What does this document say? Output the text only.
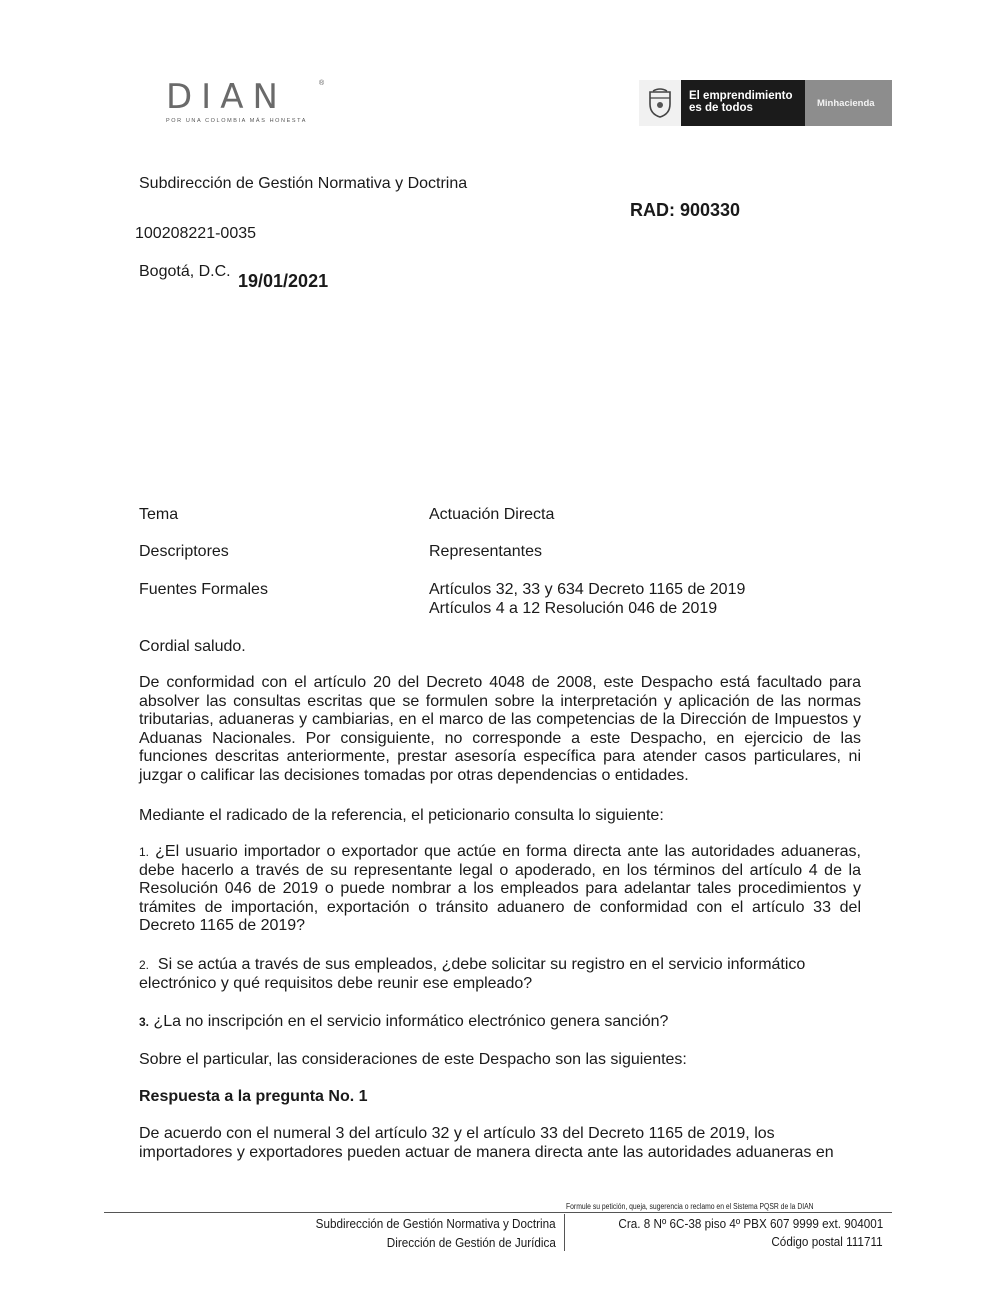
DIAN	®
POR UNA COLOMBIA MÁS HONESTA
El emprendimiento es de todos	Minhacienda
Subdirección de Gestión Normativa y Doctrina
RAD: 900330
100208221-0035
Bogotá, D.C. 19/01/2021
Tema	Actuación Directa
Descriptores	Representantes
Fuentes Formales	Artículos 32, 33 y 634 Decreto 1165 de 2019
Artículos 4 a 12 Resolución 046 de 2019
Cordial saludo.

De conformidad con el artículo 20 del Decreto 4048 de 2008, este Despacho está facultado para absolver las consultas escritas que se formulen sobre la interpretación y aplicación de las normas tributarias, aduaneras y cambiarias, en el marco de las competencias de la Dirección de Impuestos y Aduanas Nacionales. Por consiguiente, no corresponde a este Despacho, en ejercicio de las funciones descritas anteriormente, prestar asesoría específica para atender casos particulares, ni juzgar o calificar las decisiones tomadas por otras dependencias o entidades.

Mediante el radicado de la referencia, el peticionario consulta lo siguiente:

1. ¿El usuario importador o exportador que actúe en forma directa ante las autoridades aduaneras, debe hacerlo a través de su representante legal o apoderado, en los términos del artículo 4 de la Resolución 046 de 2019 o puede nombrar a los empleados para adelantar tales procedimientos y trámites de importación, exportación o tránsito aduanero de conformidad con el artículo 33 del Decreto 1165 de 2019?

2. Si se actúa a través de sus empleados, ¿debe solicitar su registro en el servicio informático electrónico y qué requisitos debe reunir ese empleado?

3. ¿La no inscripción en el servicio informático electrónico genera sanción?

Sobre el particular, las consideraciones de este Despacho son las siguientes:
Respuesta a la pregunta No. 1

De acuerdo con el numeral 3 del artículo 32 y el artículo 33 del Decreto 1165 de 2019, los importadores y exportadores pueden actuar de manera directa ante las autoridades aduaneras en

Formule su petición, queja, sugerencia o reclamo en el Sistema PQSR de la DIAN
Subdirección de Gestión Normativa y Doctrina
Dirección de Gestión de Jurídica
Cra. 8 Nº 6C-38 piso 4º PBX 607 9999 ext. 904001
Código postal 111711
